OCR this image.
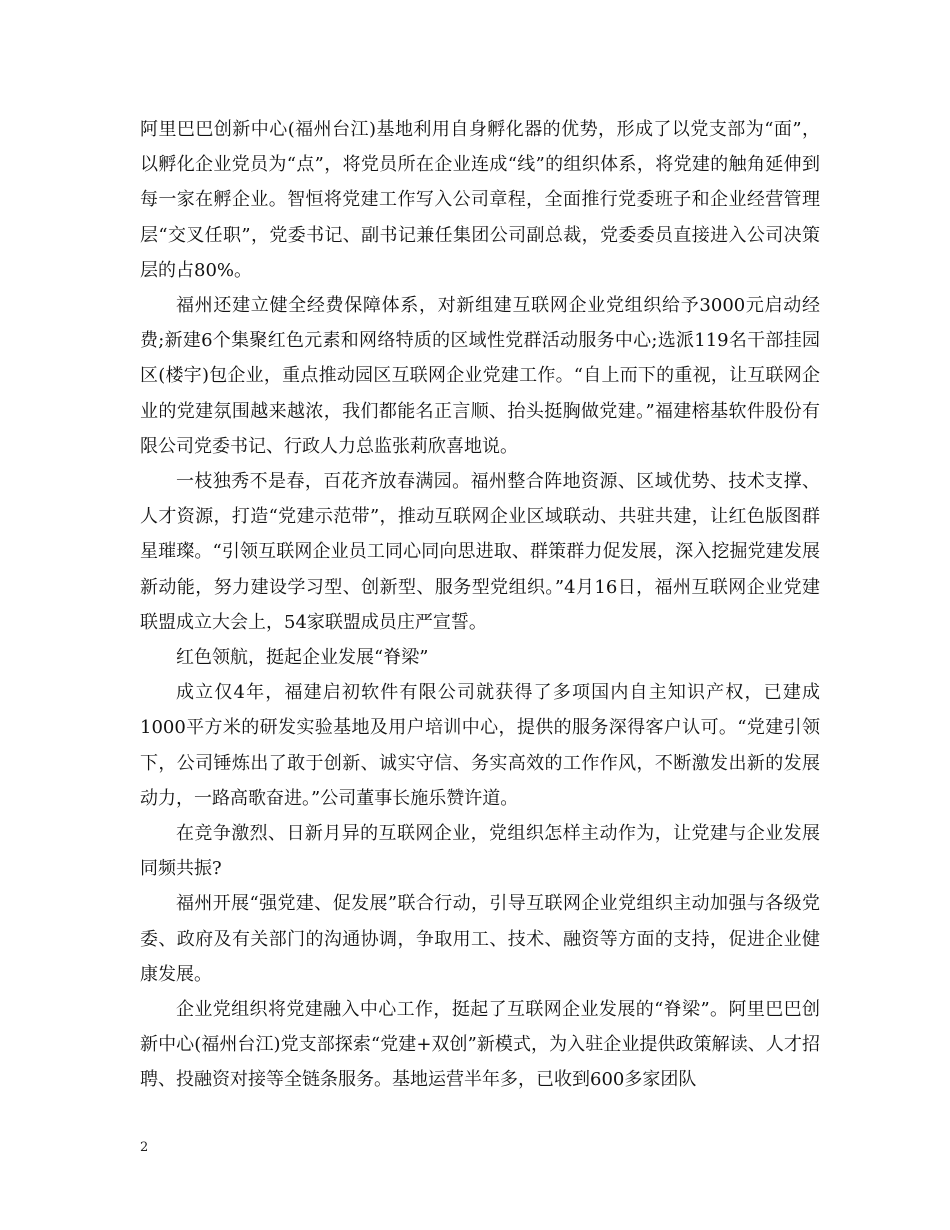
阿里巴巴创新中心(福州台江)基地利用自身孵化器的优势，形成了以党支部为“面”，以孵化企业党员为“点”，将党员所在企业连成“线”的组织体系，将党建的触角延伸到每一家在孵企业。智恒将党建工作写入公司章程，全面推行党委班子和企业经营管理层“交叉任职”，党委书记、副书记兼任集团公司副总裁，党委委员直接进入公司决策层的占80%。

福州还建立健全经费保障体系，对新组建互联网企业党组织给予3000元启动经费;新建6个集聚红色元素和网络特质的区域性党群活动服务中心;选派119名干部挂园区(楼宇)包企业，重点推动园区互联网企业党建工作。“自上而下的重视，让互联网企业的党建氛围越来越浓，我们都能名正言顺、抬头挺胸做党建。”福建榕基软件股份有限公司党委书记、行政人力总监张莉欣喜地说。

一枝独秀不是春，百花齐放春满园。福州整合阵地资源、区域优势、技术支撑、人才资源，打造“党建示范带”，推动互联网企业区域联动、共驻共建，让红色版图群星璀璨。“引领互联网企业员工同心同向思进取、群策群力促发展，深入挖掘党建发展新动能，努力建设学习型、创新型、服务型党组织。”4月16日，福州互联网企业党建联盟成立大会上，54家联盟成员庄严宣誓。

红色领航，挺起企业发展“脊梁”

成立仅4年，福建启初软件有限公司就获得了多项国内自主知识产权，已建成1000平方米的研发实验基地及用户培训中心，提供的服务深得客户认可。“党建引领下，公司锤炼出了敢于创新、诚实守信、务实高效的工作作风，不断激发出新的发展动力，一路高歌奋进。”公司董事长施乐赞许道。

在竞争激烈、日新月异的互联网企业，党组织怎样主动作为，让党建与企业发展同频共振?

福州开展“强党建、促发展”联合行动，引导互联网企业党组织主动加强与各级党委、政府及有关部门的沟通协调，争取用工、技术、融资等方面的支持，促进企业健康发展。

企业党组织将党建融入中心工作，挺起了互联网企业发展的“脊梁”。阿里巴巴创新中心(福州台江)党支部探索“党建+双创”新模式，为入驻企业提供政策解读、人才招聘、投融资对接等全链条服务。基地运营半年多，已收到600多家团队

2
